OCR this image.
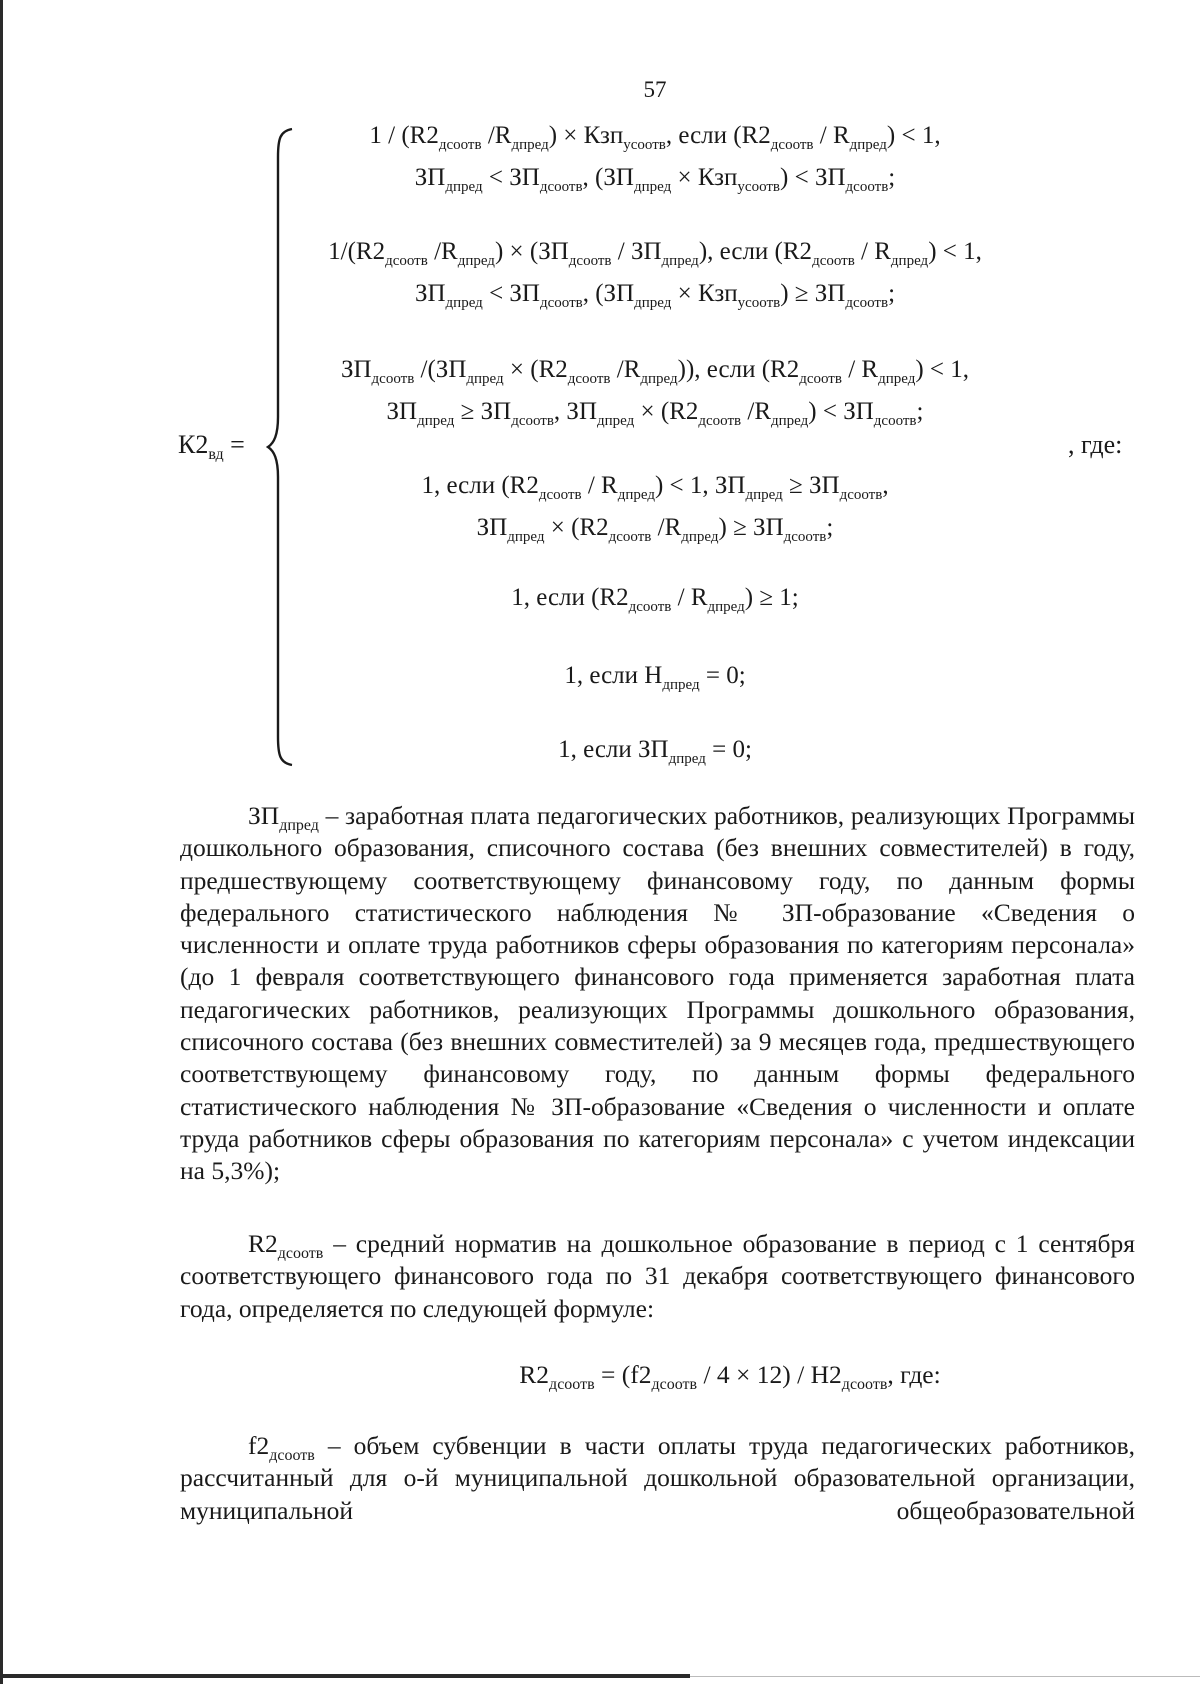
57
$К2_{вд}$ =	, где:
$1 / (R2_{дсоотв}$ $/R_{дпред}) \times Кзп_{усоотв}$, если $(R2_{дсоотв} / R_{дпред}) < 1$,
$ЗП_{дпред} < ЗП_{дсоотв}$, $(ЗП_{дпред} \times Кзп_{усоотв}) < ЗП_{дсоотв}$;
$1/(R2_{дсоотв}$ $/R_{дпред}) \times (ЗП_{дсоотв} / ЗП_{дпред})$, если $(R2_{дсоотв} / R_{дпред}) < 1$,
$ЗП_{дпред} < ЗП_{дсоотв}$, $(ЗП_{дпред} \times Кзп_{усоотв}) \ge ЗП_{дсоотв}$;
$ЗП_{дсоотв}$ $/(ЗП_{дпред} \times (R2_{дсоотв}$ $/R_{дпред}$)), если $(R2_{дсоотв} / R_{дпред}) < 1$,
$ЗП_{дпред} \ge ЗП_{дсоотв}$, $ЗП_{дпред} \times (R2_{дсоотв}$ $/R_{дпред}) < ЗП_{дсоотв}$;
1, если $(R2_{дсоотв} / R_{дпред}) < 1$, $ЗП_{дпред} \ge ЗП_{дсоотв}$,
$ЗП_{дпред} \times (R2_{дсоотв}$ $/R_{дпред}) \ge ЗП_{дсоотв}$;
1, если $(R2_{дсоотв} / R_{дпред}) \ge 1$;
1, если $Н_{дпред} = 0$;
1, если $ЗП_{дпред} = 0$;

$ЗП_{дпред}$ – заработная плата педагогических работников, реализующих Программы дошкольного образования, списочного состава (без внешних совместителей) в году, предшествующему соответствующему финансовому году, по данным формы федерального статистического наблюдения № ЗП-образование «Сведения о численности и оплате труда работников сферы образования по категориям персонала» (до 1 февраля соответствующего финансового года применяется заработная плата педагогических работников, реализующих Программы дошкольного образования, списочного состава (без внешних совместителей) за 9 месяцев года, предшествующего соответствующему финансовому году, по данным формы федерального статистического наблюдения № ЗП-образование «Сведения о численности и оплате труда работников сферы образования по категориям персонала» с учетом индексации на 5,3%);

$R2_{дсоотв}$ – средний норматив на дошкольное образование в период с 1 сентября соответствующего финансового года по 31 декабря соответствующего финансового года, определяется по следующей формуле:

$R2_{дсоотв} = (f2_{дсоотв} / 4 \times 12) / Н2_{дсоотв}$, где:

$f2_{дсоотв}$ – объем субвенции в части оплаты труда педагогических работников, рассчитанный для о-й муниципальной дошкольной образовательной организации, муниципальной общеобразовательной
